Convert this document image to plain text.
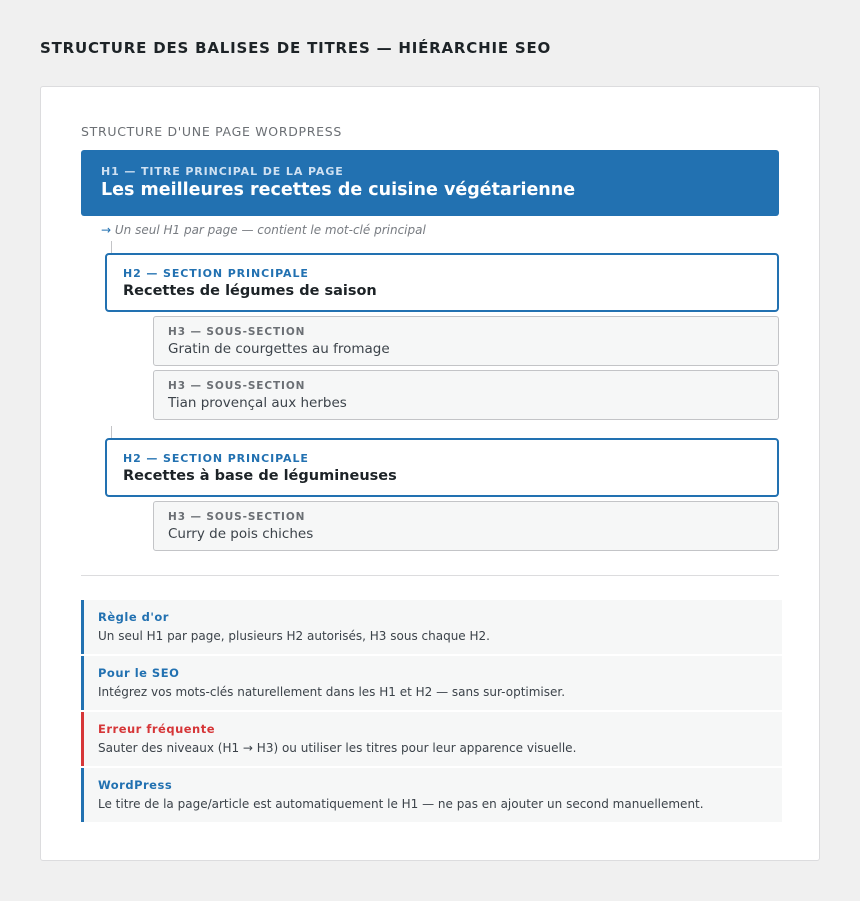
STRUCTURE DES BALISES DE TITRES — HIÉRARCHIE SEO
STRUCTURE D'UNE PAGE WORDPRESS
H1 — TITRE PRINCIPAL DE LA PAGE
Les meilleures recettes de cuisine végétarienne
→ Un seul H1 par page — contient le mot-clé principal
H2 — SECTION PRINCIPALE
Recettes de légumes de saison
H3 — SOUS-SECTION
Gratin de courgettes au fromage
H3 — SOUS-SECTION
Tian provençal aux herbes
H2 — SECTION PRINCIPALE
Recettes à base de légumineuses
H3 — SOUS-SECTION
Curry de pois chiches
Règle d'or
Un seul H1 par page, plusieurs H2 autorisés, H3 sous chaque H2.
Pour le SEO
Intégrez vos mots-clés naturellement dans les H1 et H2 — sans sur-optimiser.
Erreur fréquente
Sauter des niveaux (H1 → H3) ou utiliser les titres pour leur apparence visuelle.
WordPress
Le titre de la page/article est automatiquement le H1 — ne pas en ajouter un second manuellement.
